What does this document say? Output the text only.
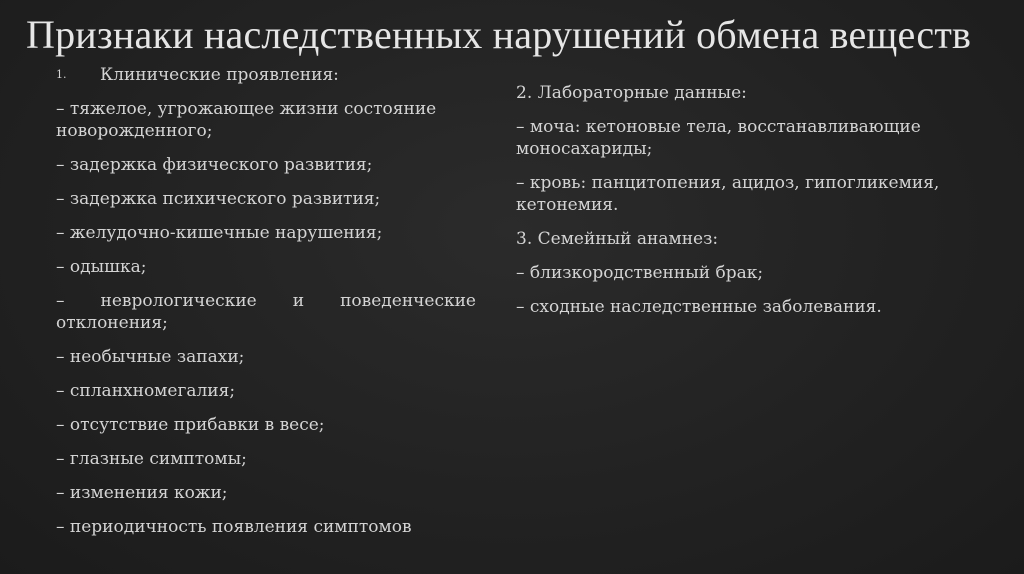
Признаки наследственных нарушений обмена веществ
1. Клинические проявления:
– тяжелое, угрожающее жизни состояние новорожденного;
– задержка физического развития;
– задержка психического развития;
– желудочно-кишечные нарушения;
– одышка;
– неврологические и поведенческие
отклонения;
– необычные запахи;
– спланхномегалия;
– отсутствие прибавки в весе;
– глазные симптомы;
– изменения кожи;
– периодичность появления симптомов
2. Лабораторные данные:
– моча: кетоновые тела, восстанавливающие моносахариды;
– кровь: панцитопения, ацидоз, гипогликемия, кетонемия.
3. Семейный анамнез:
– близкородственный брак;
– сходные наследственные заболевания.
